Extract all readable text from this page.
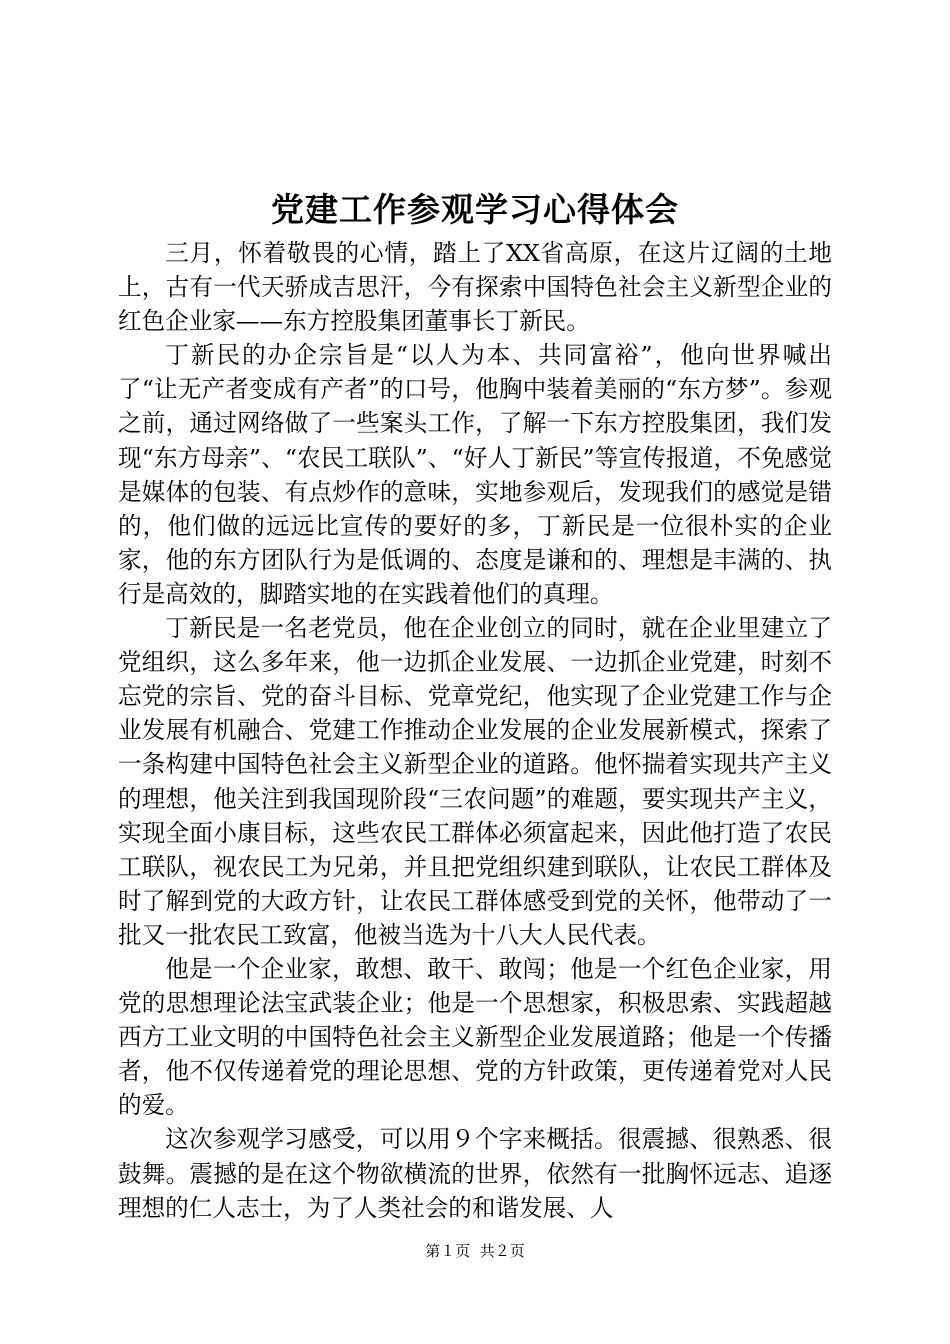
党建工作参观学习心得体会

三月，怀着敬畏的心情，踏上了XX省高原，在这片辽阔的土地上，古有一代天骄成吉思汗，今有探索中国特色社会主义新型企业的红色企业家——东方控股集团董事长丁新民。

丁新民的办企宗旨是“以人为本、共同富裕”，他向世界喊出了“让无产者变成有产者”的口号，他胸中装着美丽的“东方梦”。参观之前，通过网络做了一些案头工作，了解一下东方控股集团，我们发现“东方母亲”、“农民工联队”、“好人丁新民”等宣传报道，不免感觉是媒体的包装、有点炒作的意味，实地参观后，发现我们的感觉是错的，他们做的远远比宣传的要好的多，丁新民是一位很朴实的企业家，他的东方团队行为是低调的、态度是谦和的、理想是丰满的、执行是高效的，脚踏实地的在实践着他们的真理。

丁新民是一名老党员，他在企业创立的同时，就在企业里建立了党组织，这么多年来，他一边抓企业发展、一边抓企业党建，时刻不忘党的宗旨、党的奋斗目标、党章党纪，他实现了企业党建工作与企业发展有机融合、党建工作推动企业发展的企业发展新模式，探索了一条构建中国特色社会主义新型企业的道路。他怀揣着实现共产主义的理想，他关注到我国现阶段“三农问题”的难题，要实现共产主义，实现全面小康目标，这些农民工群体必须富起来，因此他打造了农民工联队，视农民工为兄弟，并且把党组织建到联队，让农民工群体及时了解到党的大政方针，让农民工群体感受到党的关怀，他带动了一批又一批农民工致富，他被当选为十八大人民代表。

他是一个企业家，敢想、敢干、敢闯；他是一个红色企业家，用党的思想理论法宝武装企业；他是一个思想家，积极思索、实践超越西方工业文明的中国特色社会主义新型企业发展道路；他是一个传播者，他不仅传递着党的理论思想、党的方针政策，更传递着党对人民的爱。

这次参观学习感受，可以用９个字来概括。很震撼、很熟悉、很鼓舞。震撼的是在这个物欲横流的世界，依然有一批胸怀远志、追逐理想的仁人志士，为了人类社会的和谐发展、人

第１页 共２页
